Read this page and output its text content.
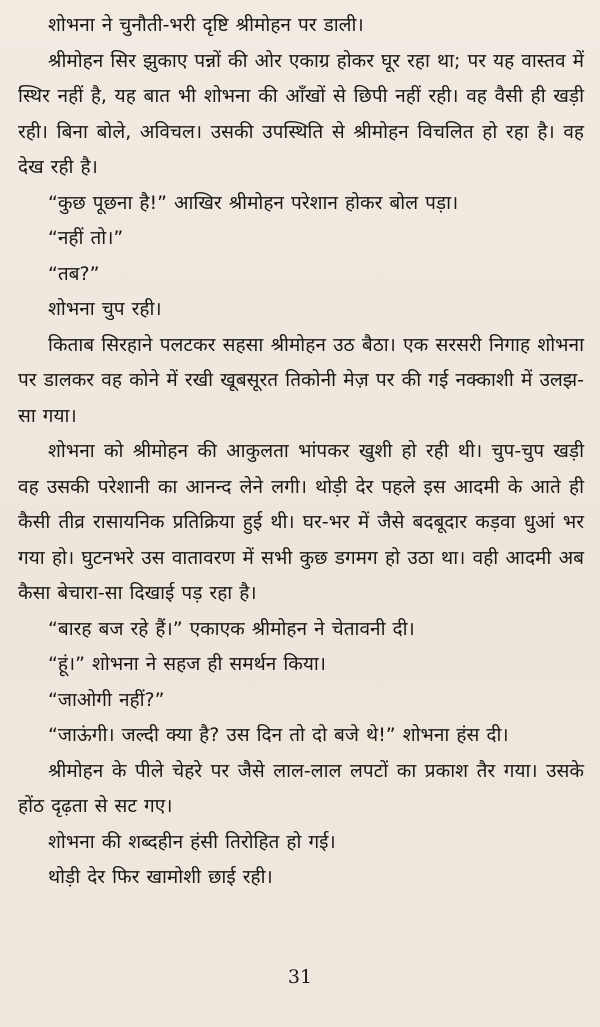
शोभना ने चुनौती-भरी दृष्टि श्रीमोहन पर डाली।

श्रीमोहन सिर झुकाए पन्नों की ओर एकाग्र होकर घूर रहा था; पर यह वास्तव में स्थिर नहीं है, यह बात भी शोभना की आँखों से छिपी नहीं रही। वह वैसी ही खड़ी रही। बिना बोले, अविचल। उसकी उपस्थिति से श्रीमोहन विचलित हो रहा है। वह देख रही है।

“कुछ पूछना है!” आखिर श्रीमोहन परेशान होकर बोल पड़ा।

“नहीं तो।”

“तब?”

शोभना चुप रही।

किताब सिरहाने पलटकर सहसा श्रीमोहन उठ बैठा। एक सरसरी निगाह शोभना पर डालकर वह कोने में रखी खूबसूरत तिकोनी मेज़ पर की गई नक्काशी में उलझ-सा गया।

शोभना को श्रीमोहन की आकुलता भांपकर खुशी हो रही थी। चुप-चुप खड़ी वह उसकी परेशानी का आनन्द लेने लगी। थोड़ी देर पहले इस आदमी के आते ही कैसी तीव्र रासायनिक प्रतिक्रिया हुई थी। घर-भर में जैसे बदबूदार कड़वा धुआं भर गया हो। घुटनभरे उस वातावरण में सभी कुछ डगमग हो उठा था। वही आदमी अब कैसा बेचारा-सा दिखाई पड़ रहा है।

“बारह बज रहे हैं।” एकाएक श्रीमोहन ने चेतावनी दी।

“हूं।” शोभना ने सहज ही समर्थन किया।

“जाओगी नहीं?”

“जाऊंगी। जल्दी क्या है? उस दिन तो दो बजे थे!” शोभना हंस दी।

श्रीमोहन के पीले चेहरे पर जैसे लाल-लाल लपटों का प्रकाश तैर गया। उसके होंठ दृढ़ता से सट गए।

शोभना की शब्दहीन हंसी तिरोहित हो गई।

थोड़ी देर फिर खामोशी छाई रही।

31
